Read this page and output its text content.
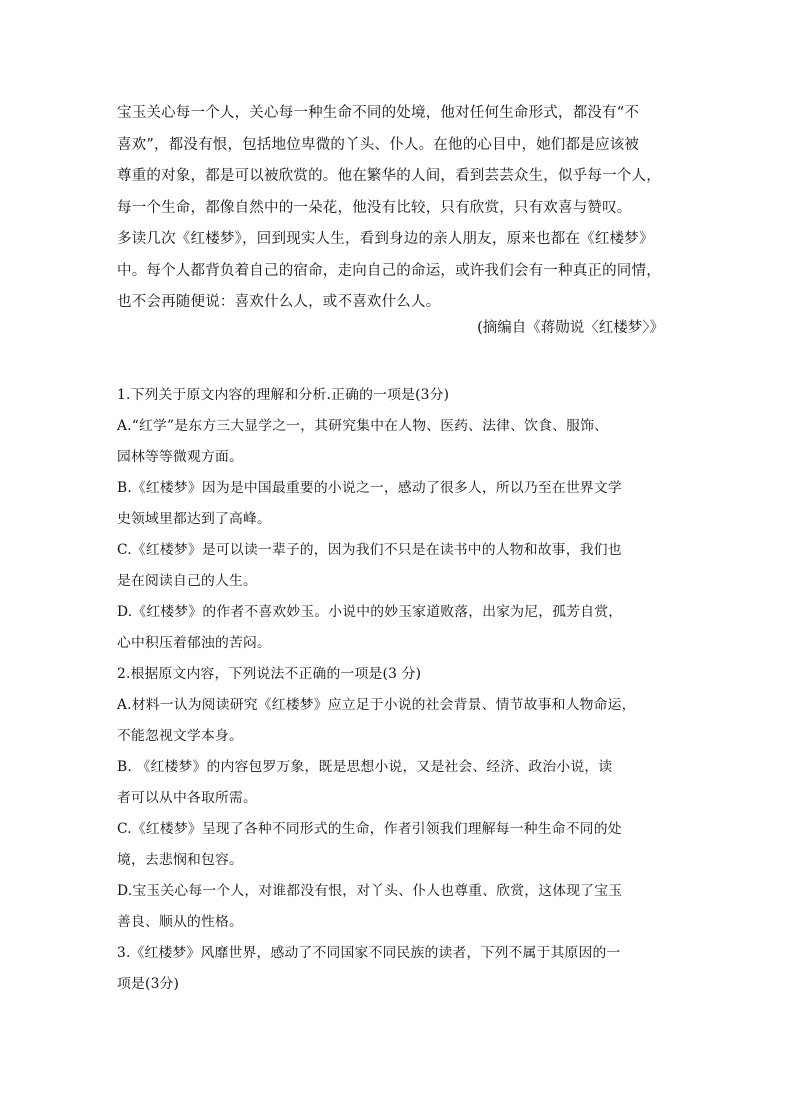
宝玉关心每一个人，关心每一种生命不同的处境，他对任何生命形式，都没有“不
喜欢”，都没有恨，包括地位卑微的丫头、仆人。在他的心目中，她们都是应该被
尊重的对象，都是可以被欣赏的。他在繁华的人间，看到芸芸众生，似乎每一个人，
每一个生命，都像自然中的一朵花，他没有比较，只有欣赏，只有欢喜与赞叹。
多读几次《红楼梦》，回到现实人生，看到身边的亲人朋友，原来也都在《红楼梦》
中。每个人都背负着自己的宿命，走向自己的命运，或许我们会有一种真正的同情，
也不会再随便说：喜欢什么人，或不喜欢什么人。
(摘编自《蒋勋说〈红楼梦〉》
1.下列关于原文内容的理解和分析.正确的一项是(3分)
A.“红学”是东方三大显学之一，其研究集中在人物、医药、法律、饮食、服饰、
园林等等微观方面。
B.《红楼梦》因为是中国最重要的小说之一，感动了很多人，所以乃至在世界文学
史领域里都达到了高峰。
C.《红楼梦》是可以读一辈子的，因为我们不只是在读书中的人物和故事，我们也
是在阅读自己的人生。
D.《红楼梦》的作者不喜欢妙玉。小说中的妙玉家道败落，出家为尼，孤芳自赏，
心中积压着郁浊的苦闷。
2.根据原文内容，下列说法不正确的一项是(3 分)
A.材料一认为阅读研究《红楼梦》应立足于小说的社会背景、情节故事和人物命运，
不能忽视文学本身。
B. 《红楼梦》的内容包罗万象，既是思想小说，又是社会、经济、政治小说，读
者可以从中各取所需。
C.《红楼梦》呈现了各种不同形式的生命，作者引领我们理解每一种生命不同的处
境，去悲悯和包容。
D.宝玉关心每一个人，对谁都没有恨，对丫头、仆人也尊重、欣赏，这体现了宝玉
善良、顺从的性格。
3.《红楼梦》风靡世界，感动了不同国家不同民族的读者，下列不属于其原因的一
项是(3分)
